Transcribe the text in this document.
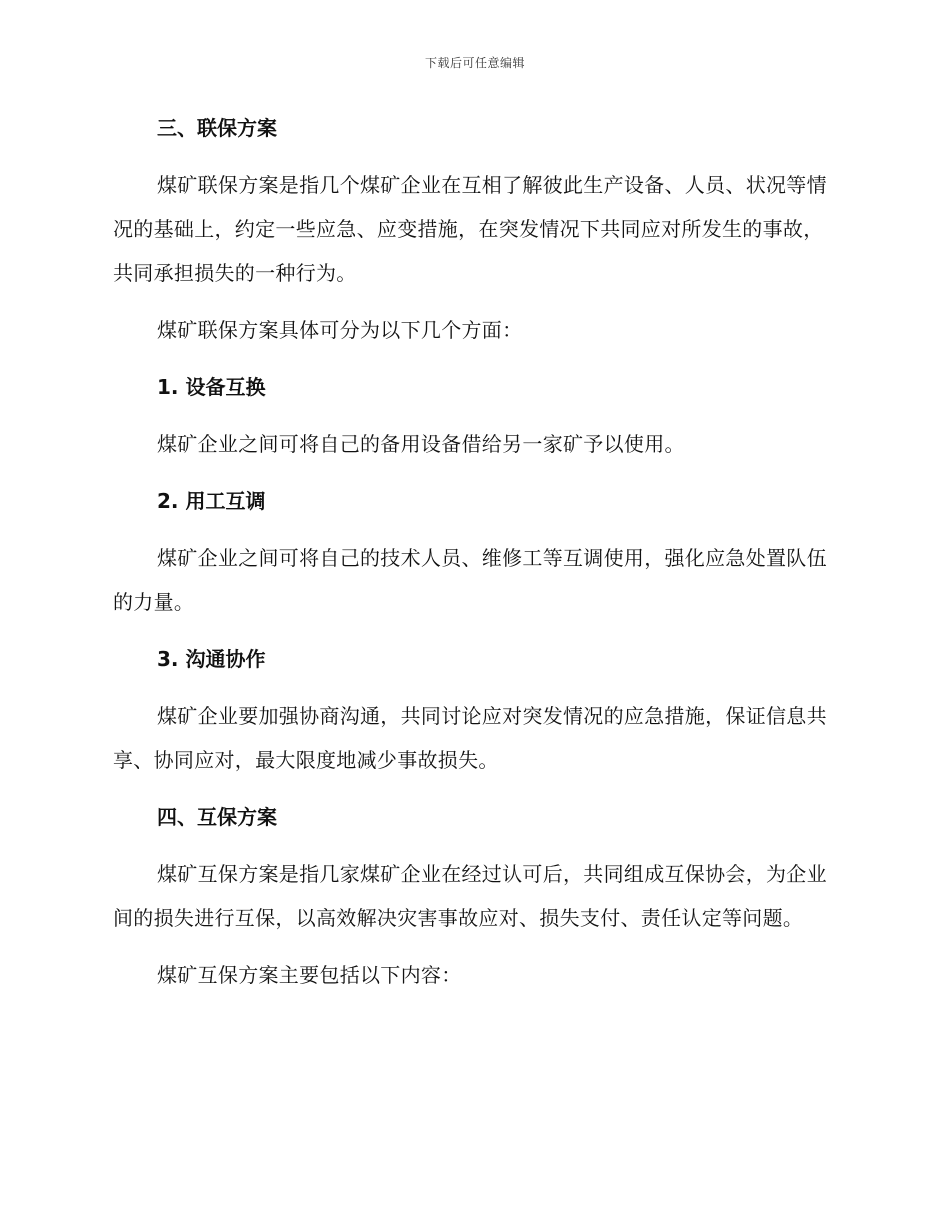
下载后可任意编辑

三、联保方案

煤矿联保方案是指几个煤矿企业在互相了解彼此生产设备、人员、状况等情况的基础上，约定一些应急、应变措施，在突发情况下共同应对所发生的事故，共同承担损失的一种行为。

煤矿联保方案具体可分为以下几个方面：

1. 设备互换

煤矿企业之间可将自己的备用设备借给另一家矿予以使用。

2. 用工互调

煤矿企业之间可将自己的技术人员、维修工等互调使用，强化应急处置队伍的力量。

3. 沟通协作

煤矿企业要加强协商沟通，共同讨论应对突发情况的应急措施，保证信息共享、协同应对，最大限度地减少事故损失。

四、互保方案

煤矿互保方案是指几家煤矿企业在经过认可后，共同组成互保协会，为企业间的损失进行互保，以高效解决灾害事故应对、损失支付、责任认定等问题。

煤矿互保方案主要包括以下内容：
